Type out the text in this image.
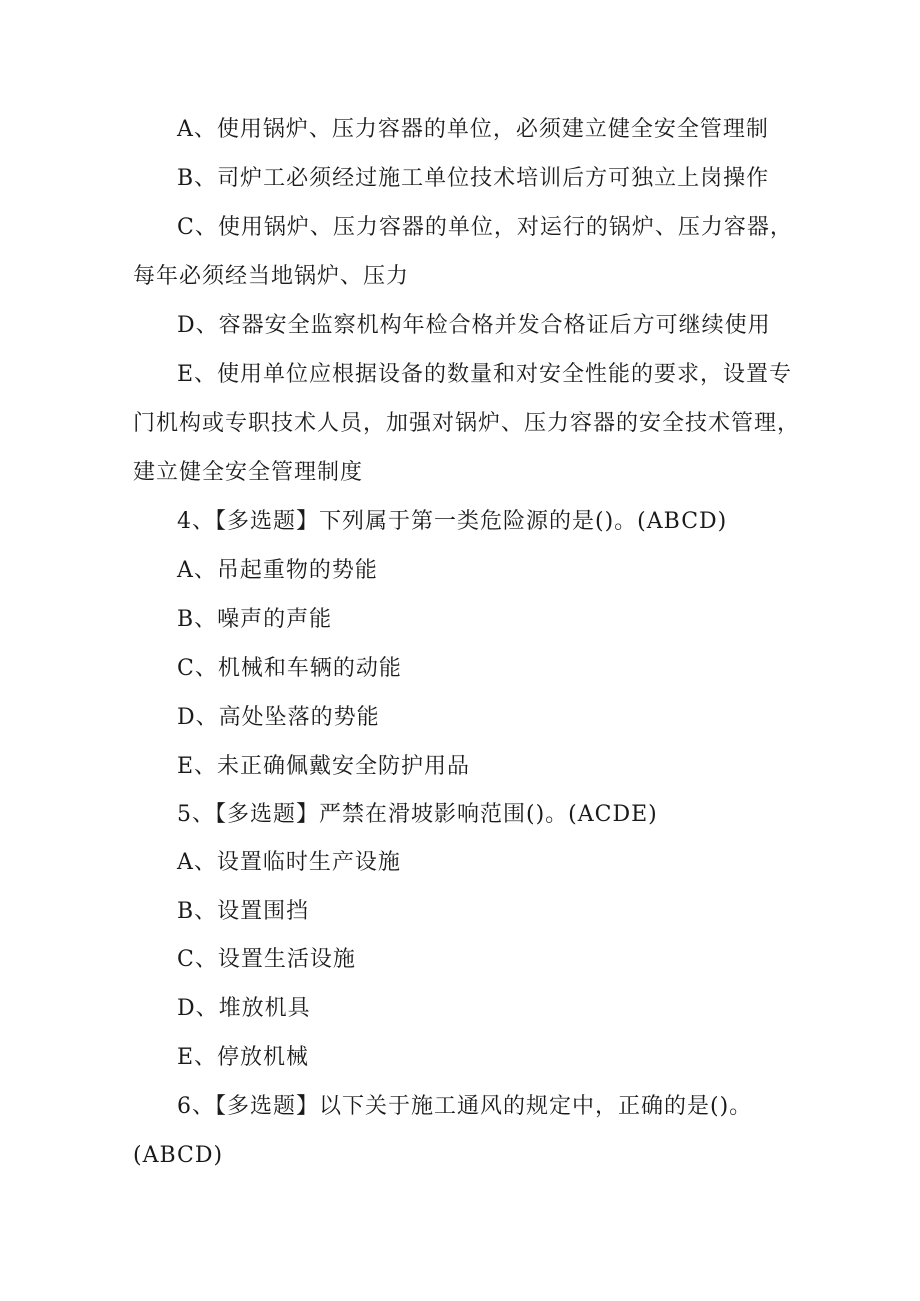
A、使用锅炉、压力容器的单位，必须建立健全安全管理制
B、司炉工必须经过施工单位技术培训后方可独立上岗操作
C、使用锅炉、压力容器的单位，对运行的锅炉、压力容器，
每年必须经当地锅炉、压力
D、容器安全监察机构年检合格并发合格证后方可继续使用
E、使用单位应根据设备的数量和对安全性能的要求，设置专
门机构或专职技术人员，加强对锅炉、压力容器的安全技术管理，
建立健全安全管理制度
4、【多选题】下列属于第一类危险源的是()。(ABCD)
A、吊起重物的势能
B、噪声的声能
C、机械和车辆的动能
D、高处坠落的势能
E、未正确佩戴安全防护用品
5、【多选题】严禁在滑坡影响范围()。(ACDE)
A、设置临时生产设施
B、设置围挡
C、设置生活设施
D、堆放机具
E、停放机械
6、【多选题】以下关于施工通风的规定中，正确的是()。
(ABCD)
